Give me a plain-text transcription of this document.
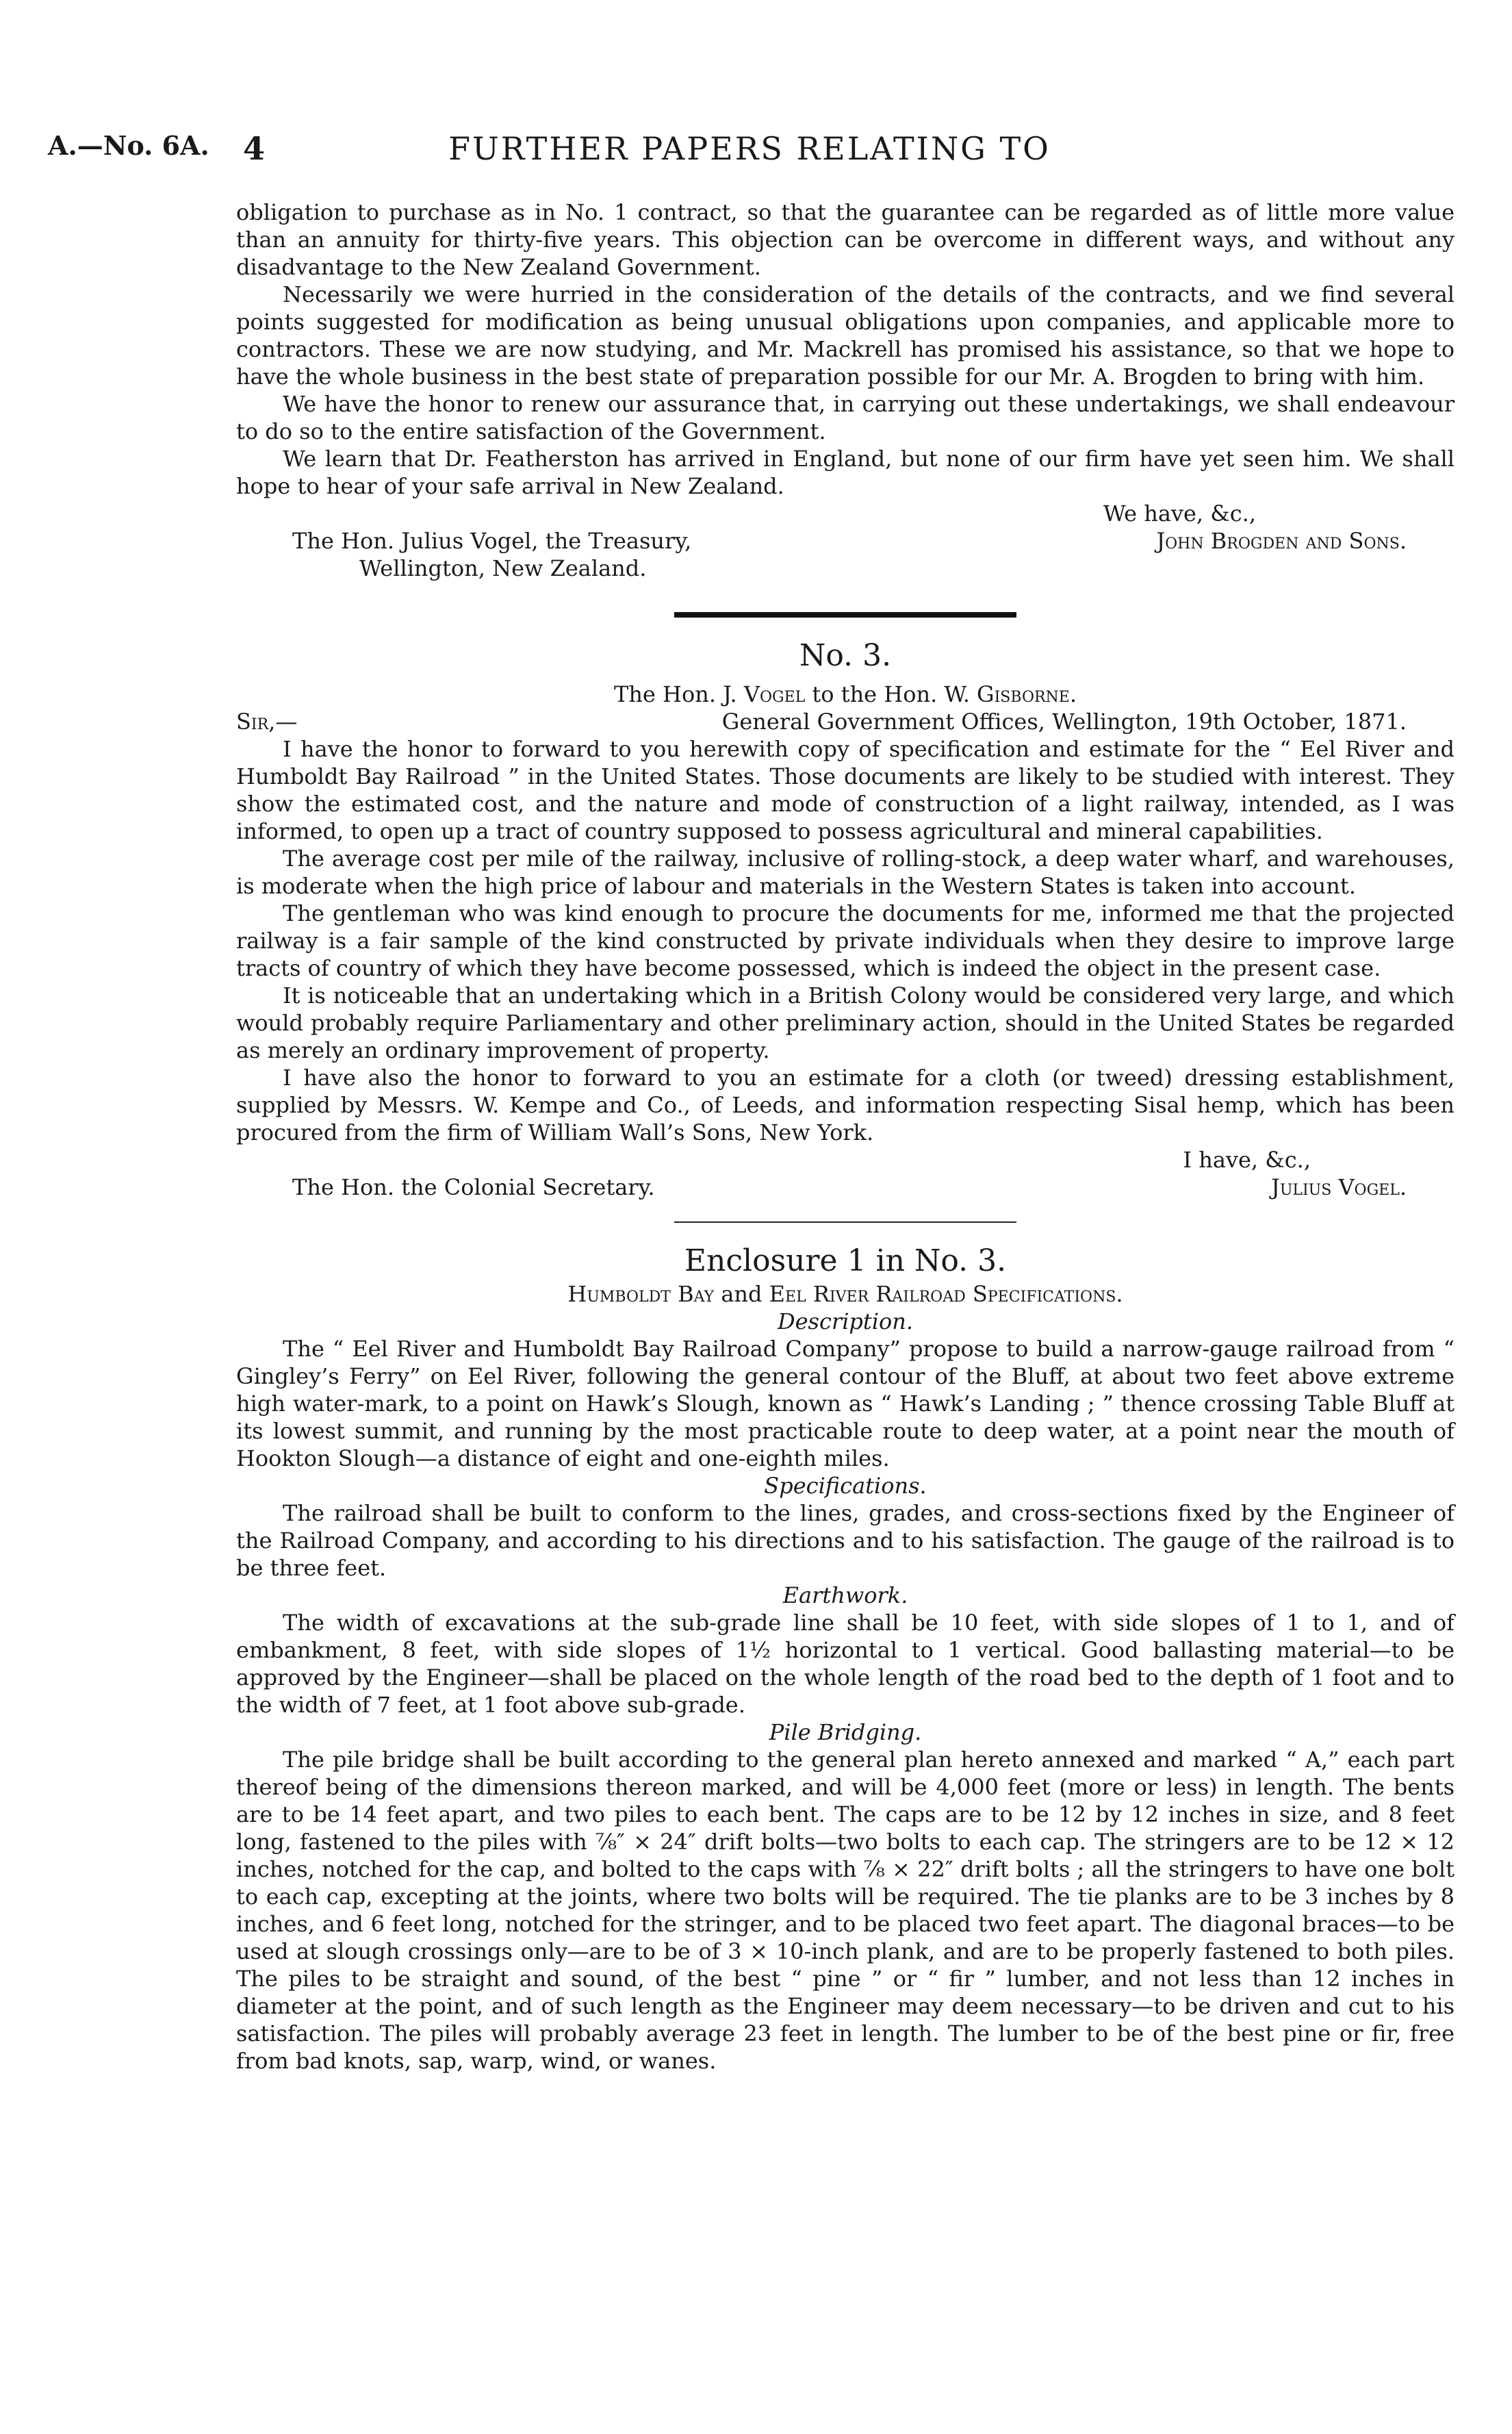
A.—No. 6A. 4	FURTHER PAPERS RELATING TO

obligation to purchase as in No. 1 contract, so that the guarantee can be regarded as of little more value than an annuity for thirty-five years. This objection can be overcome in different ways, and without any disadvantage to the New Zealand Government.

Necessarily we were hurried in the consideration of the details of the contracts, and we find several points suggested for modification as being unusual obligations upon companies, and applicable more to contractors. These we are now studying, and Mr. Mackrell has promised his assistance, so that we hope to have the whole business in the best state of preparation possible for our Mr. A. Brogden to bring with him.

We have the honor to renew our assurance that, in carrying out these undertakings, we shall endeavour to do so to the entire satisfaction of the Government.

We learn that Dr. Featherston has arrived in England, but none of our firm have yet seen him. We shall hope to hear of your safe arrival in New Zealand.

We have, &c.,
The Hon. Julius Vogel, the Treasury,	John Brogden and Sons.
Wellington, New Zealand.
No. 3.
The Hon. J. Vogel to the Hon. W. Gisborne.
Sir,—	General Government Offices, Wellington, 19th October, 1871.

I have the honor to forward to you herewith copy of specification and estimate for the “ Eel River and Humboldt Bay Railroad ” in the United States. Those documents are likely to be studied with interest. They show the estimated cost, and the nature and mode of construction of a light railway, intended, as I was informed, to open up a tract of country supposed to possess agricultural and mineral capabilities.

The average cost per mile of the railway, inclusive of rolling-stock, a deep water wharf, and warehouses, is moderate when the high price of labour and materials in the Western States is taken into account.

The gentleman who was kind enough to procure the documents for me, informed me that the projected railway is a fair sample of the kind constructed by private individuals when they desire to improve large tracts of country of which they have become possessed, which is indeed the object in the present case.

It is noticeable that an undertaking which in a British Colony would be considered very large, and which would probably require Parliamentary and other preliminary action, should in the United States be regarded as merely an ordinary improvement of property.

I have also the honor to forward to you an estimate for a cloth (or tweed) dressing establishment, supplied by Messrs. W. Kempe and Co., of Leeds, and information respecting Sisal hemp, which has been procured from the firm of William Wall’s Sons, New York.

I have, &c.,
The Hon. the Colonial Secretary.	Julius Vogel.
Enclosure 1 in No. 3.
Humboldt Bay and Eel River Railroad Specifications.
Description.

The “ Eel River and Humboldt Bay Railroad Company” propose to build a narrow-gauge railroad from “ Gingley’s Ferry” on Eel River, following the general contour of the Bluff, at about two feet above extreme high water-mark, to a point on Hawk’s Slough, known as “ Hawk’s Landing ; ” thence crossing Table Bluff at its lowest summit, and running by the most practicable route to deep water, at a point near the mouth of Hookton Slough—a distance of eight and one-eighth miles.

Specifications.

The railroad shall be built to conform to the lines, grades, and cross-sections fixed by the Engineer of the Railroad Company, and according to his directions and to his satisfaction. The gauge of the railroad is to be three feet.

Earthwork.

The width of excavations at the sub-grade line shall be 10 feet, with side slopes of 1 to 1, and of embankment, 8 feet, with side slopes of 1½ horizontal to 1 vertical. Good ballasting material—to be approved by the Engineer—shall be placed on the whole length of the road bed to the depth of 1 foot and to the width of 7 feet, at 1 foot above sub-grade.

Pile Bridging.

The pile bridge shall be built according to the general plan hereto annexed and marked “ A,” each part thereof being of the dimensions thereon marked, and will be 4,000 feet (more or less) in length. The bents are to be 14 feet apart, and two piles to each bent. The caps are to be 12 by 12 inches in size, and 8 feet long, fastened to the piles with ⅞″ × 24″ drift bolts—two bolts to each cap. The stringers are to be 12 × 12 inches, notched for the cap, and bolted to the caps with ⅞ × 22″ drift bolts ; all the stringers to have one bolt to each cap, excepting at the joints, where two bolts will be required. The tie planks are to be 3 inches by 8 inches, and 6 feet long, notched for the stringer, and to be placed two feet apart. The diagonal braces—to be used at slough crossings only—are to be of 3 × 10-inch plank, and are to be properly fastened to both piles. The piles to be straight and sound, of the best “ pine ” or “ fir ” lumber, and not less than 12 inches in diameter at the point, and of such length as the Engineer may deem necessary—to be driven and cut to his satisfaction. The piles will probably average 23 feet in length. The lumber to be of the best pine or fir, free from bad knots, sap, warp, wind, or wanes.
